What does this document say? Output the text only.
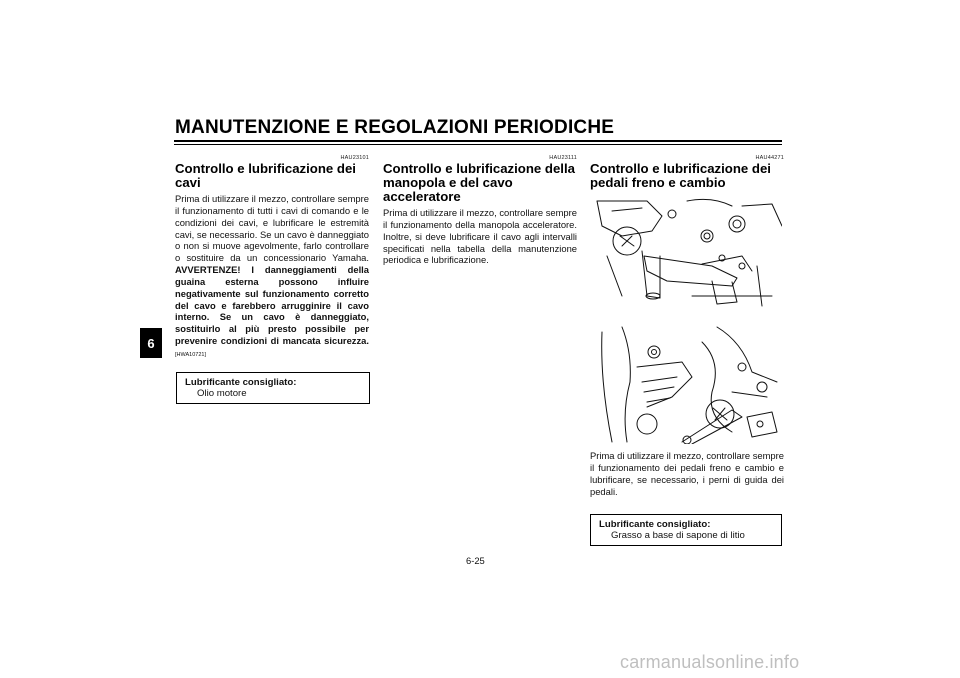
MANUTENZIONE E REGOLAZIONI PERIODICHE
6
HAU23101
Controllo e lubrificazione dei cavi

Prima di utilizzare il mezzo, controllare sempre il funzionamento di tutti i cavi di comando e le condizioni dei cavi, e lubrificare le estremità cavi, se necessario. Se un cavo è danneggiato o non si muove agevolmente, farlo controllare o sostituire da un concessionario Yamaha. AVVERTENZE! I danneggiamenti della guaina esterna possono influire negativamente sul funzionamento corretto del cavo e farebbero arrugginire il cavo interno. Se un cavo è danneggiato, sostituirlo al più presto possibile per prevenire condizioni di mancata sicurezza. [HWA10721]

Lubrificante consigliato:
Olio motore
HAU23111
Controllo e lubrificazione della manopola e del cavo acceleratore

Prima di utilizzare il mezzo, controllare sempre il funzionamento della manopola acceleratore. Inoltre, si deve lubrificare il cavo agli intervalli specificati nella tabella della manutenzione periodica e lubrificazione.

HAU44271
Controllo e lubrificazione dei pedali freno e cambio

Prima di utilizzare il mezzo, controllare sempre il funzionamento dei pedali freno e cambio e lubrificare, se necessario, i perni di guida dei pedali.

Lubrificante consigliato:
Grasso a base di sapone di litio
6-25
carmanualsonline.info
